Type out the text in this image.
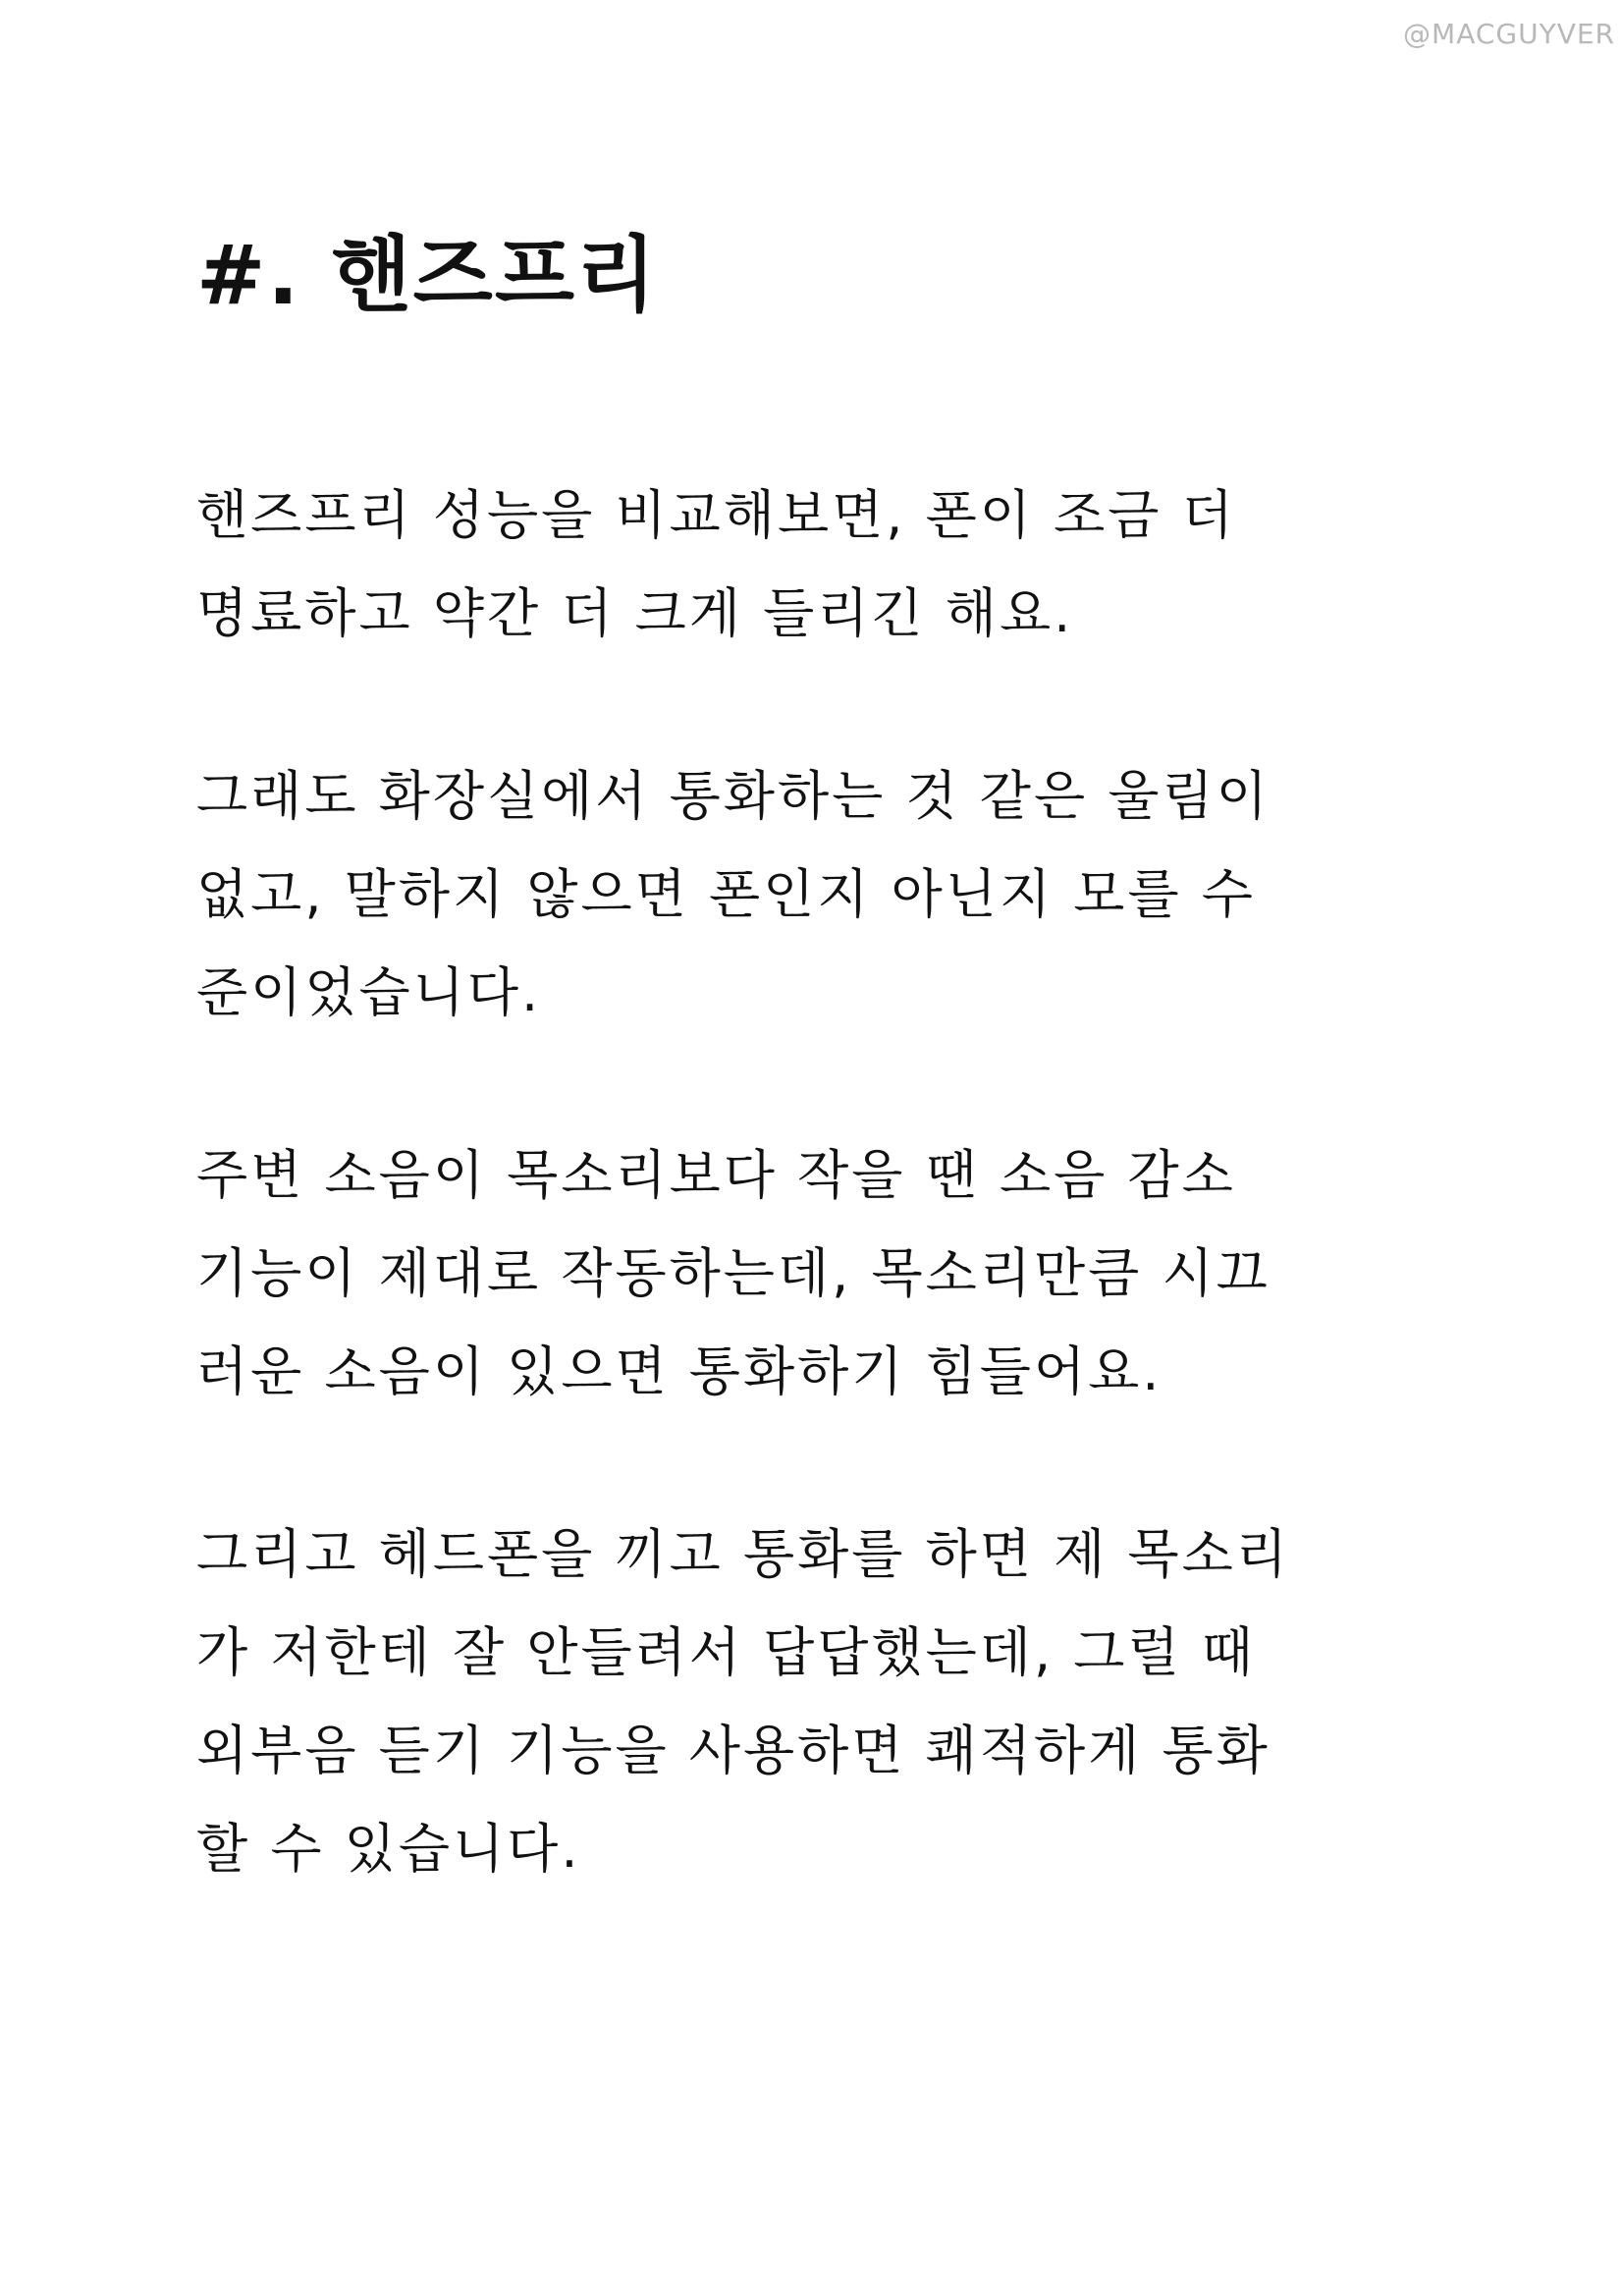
@MACGUYVER
#. 핸즈프리

핸즈프리 성능을 비교해보면, 폰이 조금 더
명료하고 약간 더 크게 들리긴 해요.

그래도 화장실에서 통화하는 것 같은 울림이
없고, 말하지 않으면 폰인지 아닌지 모를 수
준이었습니다.

주변 소음이 목소리보다 작을 땐 소음 감소
기능이 제대로 작동하는데, 목소리만큼 시끄
러운 소음이 있으면 통화하기 힘들어요.

그리고 헤드폰을 끼고 통화를 하면 제 목소리
가 저한테 잘 안들려서 답답했는데, 그럴 때
외부음 듣기 기능을 사용하면 쾌적하게 통화
할 수 있습니다.
